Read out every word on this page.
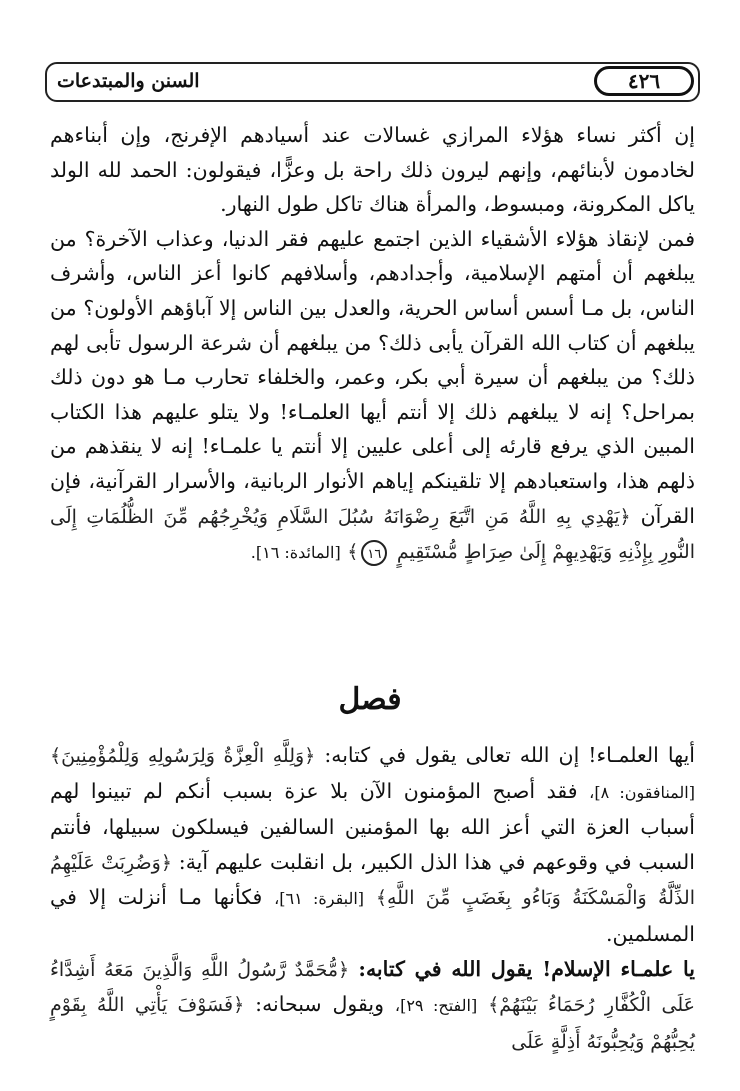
٤٢٦
السنن والمبتدعات

إن أكثر نساء هؤلاء المرازي غسالات عند أسيادهم الإفرنج، وإن أبناءهم لخادمون لأبنائهم، وإنهم ليرون ذلك راحة بل وعزًّا، فيقولون: الحمد لله الولد ياكل المكرونة، ومبسوط، والمرأة هناك تاكل طول النهار.

فمن لإنقاذ هؤلاء الأشقياء الذين اجتمع عليهم فقر الدنيا، وعذاب الآخرة؟ من يبلغهم أن أمتهم الإسلامية، وأجدادهم، وأسلافهم كانوا أعز الناس، وأشرف الناس، بل مـا أسس أساس الحرية، والعدل بين الناس إلا آباؤهم الأولون؟ من يبلغهم أن كتاب الله القرآن يأبى ذلك؟ من يبلغهم أن شرعة الرسول تأبى لهم ذلك؟ من يبلغهم أن سيرة أبي بكر، وعمر، والخلفاء تحارب مـا هو دون ذلك بمراحل؟ إنه لا يبلغهم ذلك إلا أنتم أيها العلمـاء! ولا يتلو عليهم هذا الكتاب المبين الذي يرفع قارئه إلى أعلى عليين إلا أنتم يا علمـاء! إنه لا ينقذهم من ذلهم هذا، واستعبادهم إلا تلقينكم إياهم الأنوار الربانية، والأسرار القرآنية، فإن القرآن ﴿يَهْدِي بِهِ اللَّهُ مَنِ اتَّبَعَ رِضْوَانَهُ سُبُلَ السَّلَامِ وَيُخْرِجُهُم مِّنَ الظُّلُمَاتِ إِلَى النُّورِ بِإِذْنِهِ وَيَهْدِيهِمْ إِلَىٰ صِرَاطٍ مُّسْتَقِيمٍ ١٦﴾ [المائدة: ١٦].

فصل

أيها العلمـاء! إن الله تعالى يقول في كتابه: ﴿وَلِلَّهِ الْعِزَّةُ وَلِرَسُولِهِ وَلِلْمُؤْمِنِينَ﴾ [المنافقون: ٨]، فقد أصبح المؤمنون الآن بلا عزة بسبب أنكم لم تبينوا لهم أسباب العزة التي أعز الله بها المؤمنين السالفين فيسلكون سبيلها، فأنتم السبب في وقوعهم في هذا الذل الكبير، بل انقلبت عليهم آية: ﴿وَضُرِبَتْ عَلَيْهِمُ الذِّلَّةُ وَالْمَسْكَنَةُ وَبَاءُو بِغَضَبٍ مِّنَ اللَّهِ﴾ [البقرة: ٦١]، فكأنها مـا أنزلت إلا في المسلمين.

يا علمـاء الإسلام! يقول الله في كتابه: ﴿مُّحَمَّدٌ رَّسُولُ اللَّهِ وَالَّذِينَ مَعَهُ أَشِدَّاءُ عَلَى الْكُفَّارِ رُحَمَاءُ بَيْنَهُمْ﴾ [الفتح: ٢٩]، ويقول سبحانه: ﴿فَسَوْفَ يَأْتِي اللَّهُ بِقَوْمٍ يُحِبُّهُمْ وَيُحِبُّونَهُ أَذِلَّةٍ عَلَى
